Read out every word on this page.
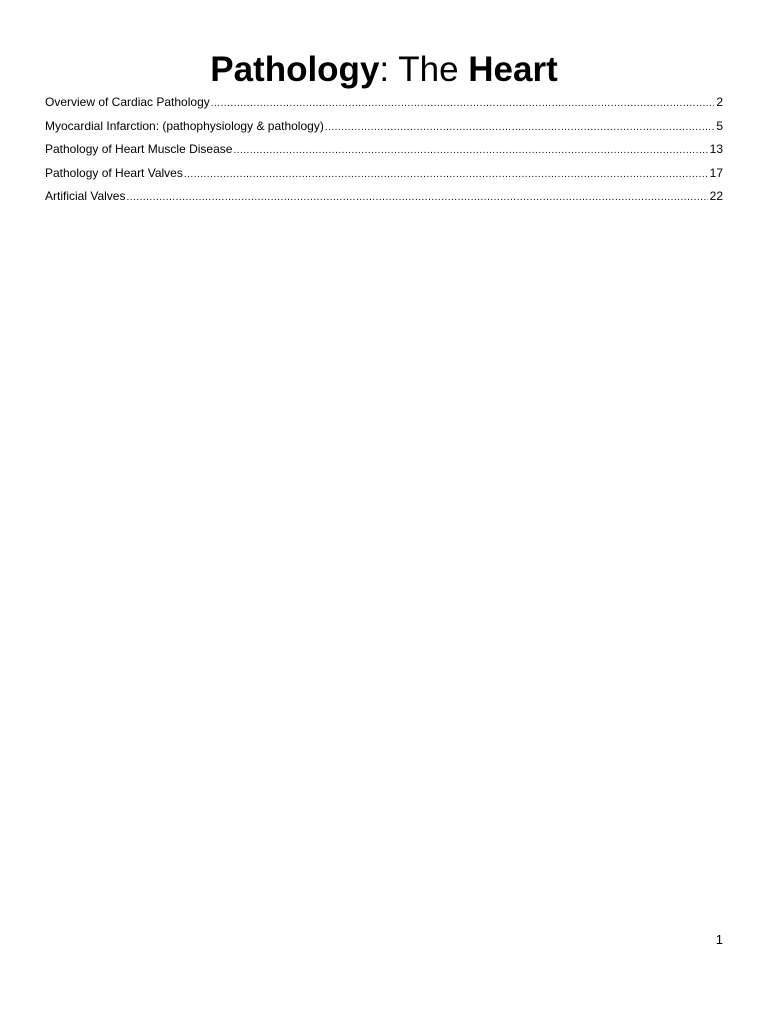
Pathology: The Heart
Overview of Cardiac Pathology .....	2
Myocardial Infarction: (pathophysiology & pathology) .....	5
Pathology of Heart Muscle Disease .....	13
Pathology of Heart Valves .....	17
Artificial Valves .....	22
1
